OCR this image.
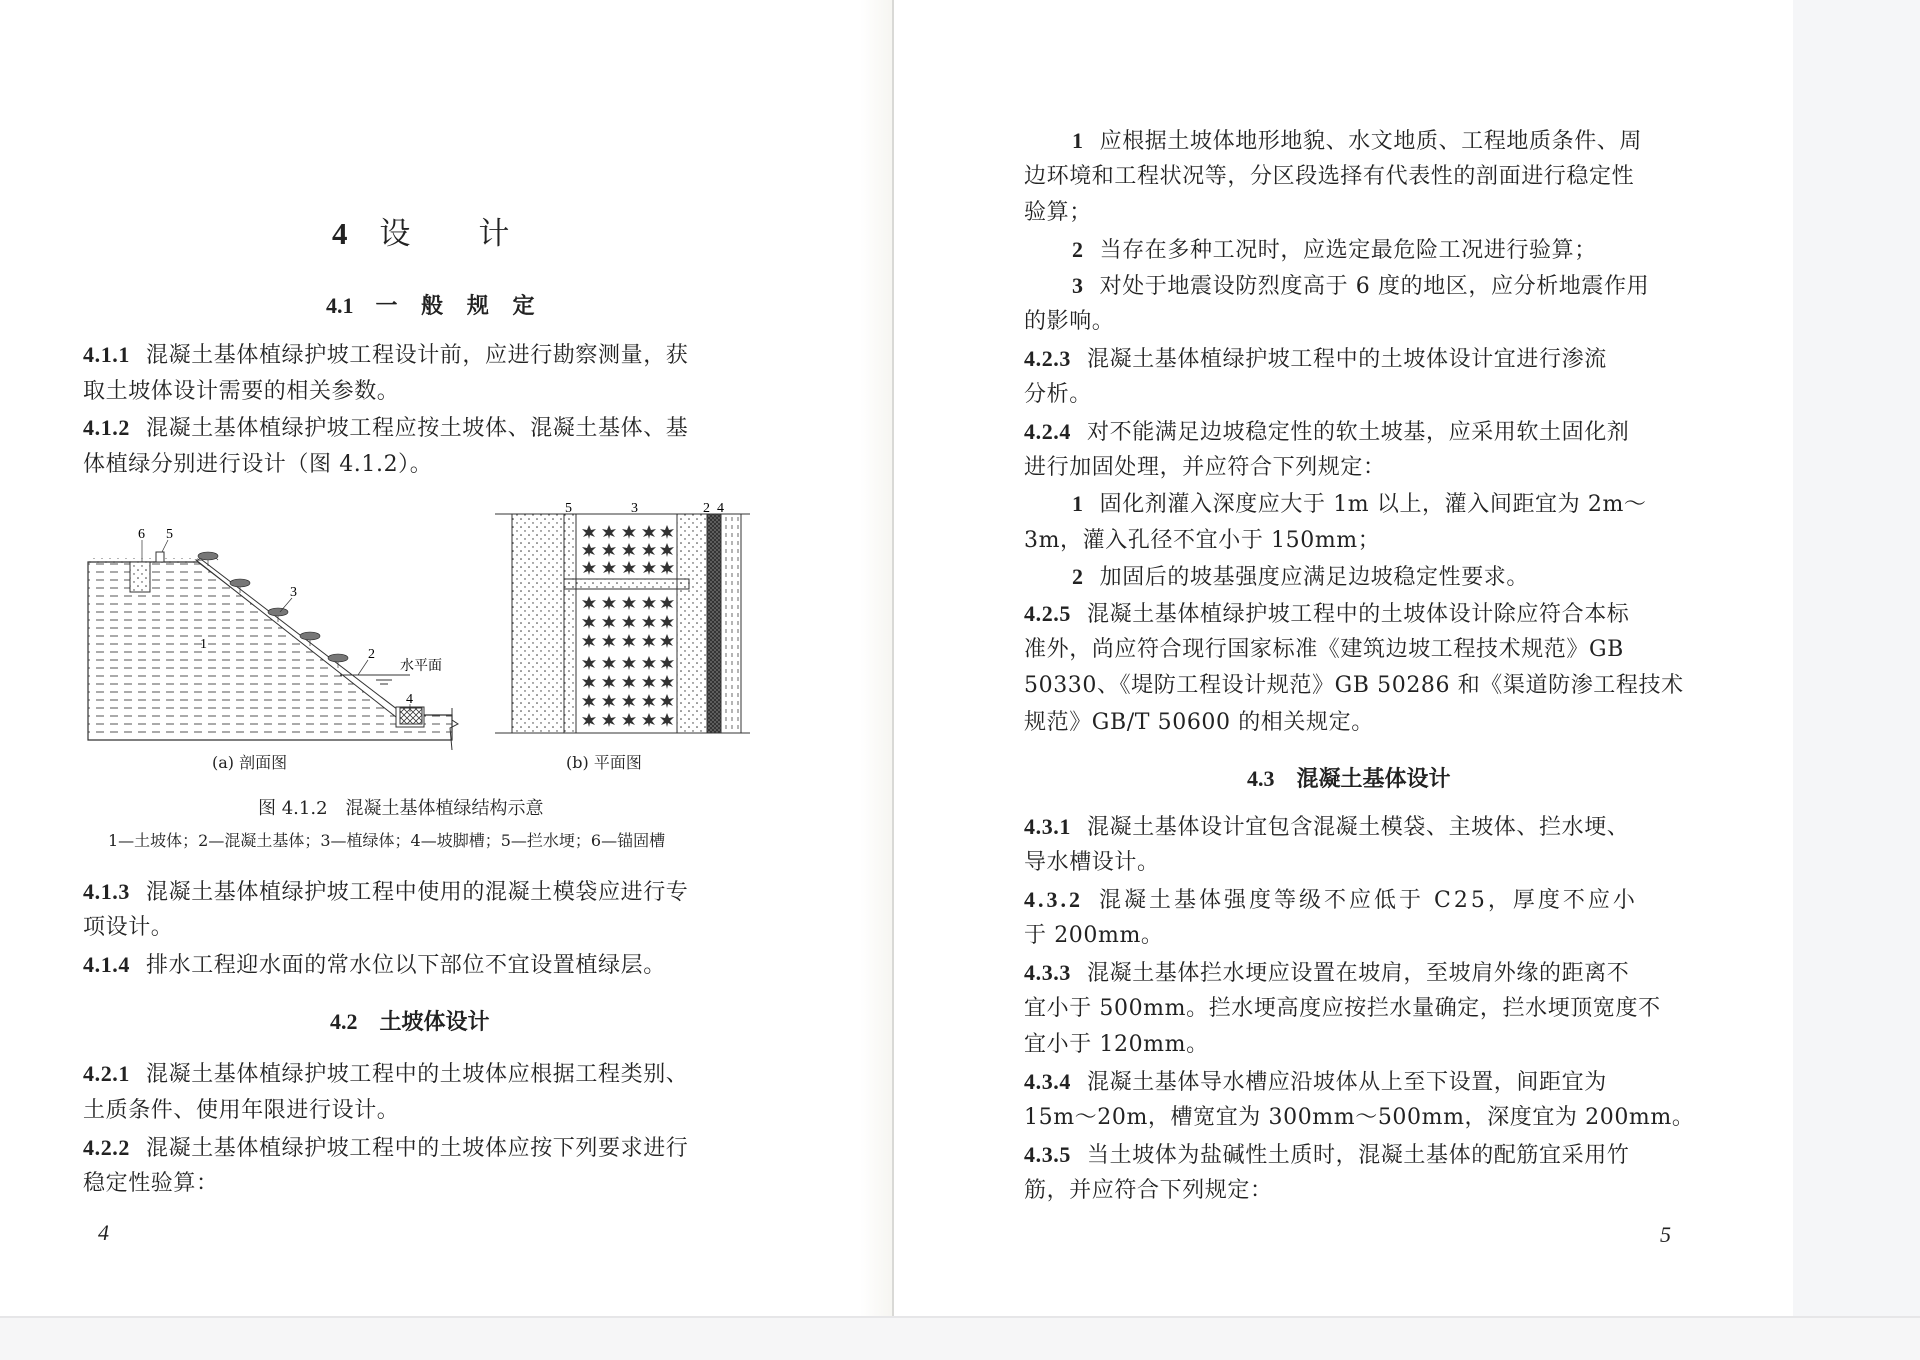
4 设　　计
4.1 一 般 规 定
4.1.1 混凝土基体植绿护坡工程设计前，应进行勘察测量，获
取土坡体设计需要的相关参数。
4.1.2 混凝土基体植绿护坡工程应按土坡体、混凝土基体、基
体植绿分别进行设计（图 4.1.2）。
6 5
3
1
2
4
水平面
5	3	2 4
(a) 剖面图	(b) 平面图
图 4.1.2　混凝土基体植绿结构示意
1—土坡体；2—混凝土基体；3—植绿体；4—坡脚槽；5—拦水埂；6—锚固槽
4.1.3 混凝土基体植绿护坡工程中使用的混凝土模袋应进行专
项设计。
4.1.4 排水工程迎水面的常水位以下部位不宜设置植绿层。
4.2 土坡体设计
4.2.1 混凝土基体植绿护坡工程中的土坡体应根据工程类别、
土质条件、使用年限进行设计。
4.2.2 混凝土基体植绿护坡工程中的土坡体应按下列要求进行
稳定性验算：
4
1 应根据土坡体地形地貌、水文地质、工程地质条件、周
边环境和工程状况等，分区段选择有代表性的剖面进行稳定性
验算；
2 当存在多种工况时，应选定最危险工况进行验算；
3 对处于地震设防烈度高于 6 度的地区，应分析地震作用
的影响。
4.2.3 混凝土基体植绿护坡工程中的土坡体设计宜进行渗流
分析。
4.2.4 对不能满足边坡稳定性的软土坡基，应采用软土固化剂
进行加固处理，并应符合下列规定：
1 固化剂灌入深度应大于 1m 以上，灌入间距宜为 2m～
3m，灌入孔径不宜小于 150mm；
2 加固后的坡基强度应满足边坡稳定性要求。
4.2.5 混凝土基体植绿护坡工程中的土坡体设计除应符合本标
准外，尚应符合现行国家标准《建筑边坡工程技术规范》GB
50330、《堤防工程设计规范》GB 50286 和《渠道防渗工程技术
规范》GB/T 50600 的相关规定。
4.3 混凝土基体设计
4.3.1 混凝土基体设计宜包含混凝土模袋、主坡体、拦水埂、
导水槽设计。
4.3.2 混凝土基体强度等级不应低于 C25，厚度不应小
于 200mm。
4.3.3 混凝土基体拦水埂应设置在坡肩，至坡肩外缘的距离不
宜小于 500mm。拦水埂高度应按拦水量确定，拦水埂顶宽度不
宜小于 120mm。
4.3.4 混凝土基体导水槽应沿坡体从上至下设置，间距宜为
15m～20m，槽宽宜为 300mm～500mm，深度宜为 200mm。
4.3.5 当土坡体为盐碱性土质时，混凝土基体的配筋宜采用竹
筋，并应符合下列规定：
5
